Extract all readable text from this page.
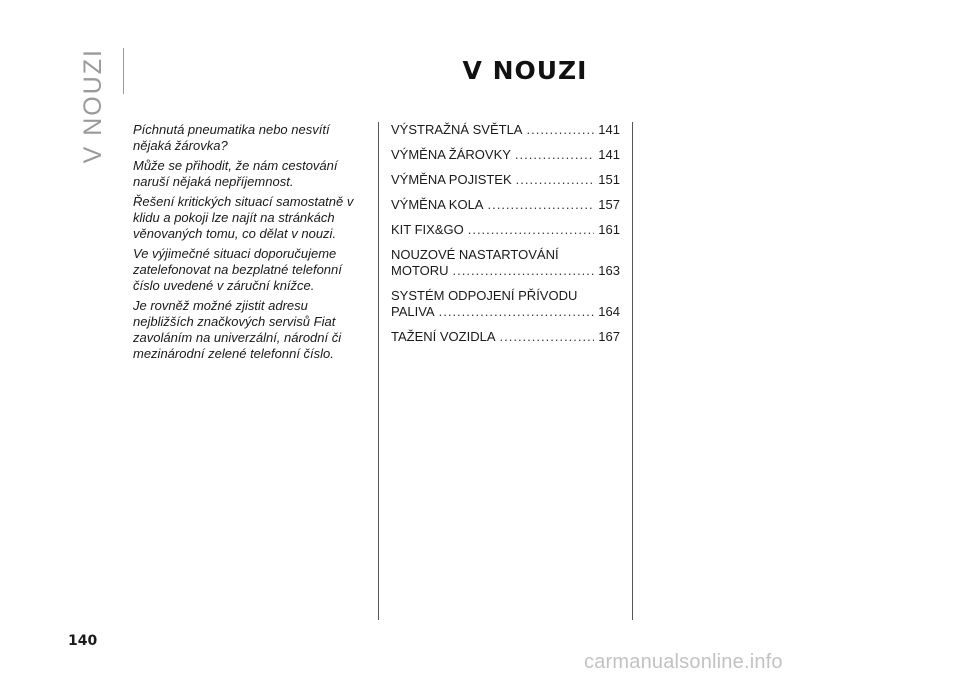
V NOUZI	V NOUZI

Píchnutá pneumatika nebo nesvítí nějaká žárovka?

Může se přihodit, že nám cestování naruší nějaká nepříjemnost.

Řešení kritických situací samostatně v klidu a pokoji lze najít na stránkách věnovaných tomu, co dělat v nouzi.

Ve výjimečné situaci doporučujeme zatelefonovat na bezplatné telefonní číslo uvedené v záruční knížce.

Je rovněž možné zjistit adresu nejbližších značkových servisů Fiat zavoláním na univerzální, národní či mezinárodní zelené telefonní číslo.

VÝSTRAŽNÁ SVĚTLA .....	141
VÝMĚNA ŽÁROVKY .....	141
VÝMĚNA POJISTEK .....	151
VÝMĚNA KOLA .....	157
KIT FIX&GO .....	161
NOUZOVÉ NASTARTOVÁNÍ
MOTORU .....	163
SYSTÉM ODPOJENÍ PŘÍVODU
PALIVA .....	164
TAŽENÍ VOZIDLA .....	167
140
carmanualsonline.info
